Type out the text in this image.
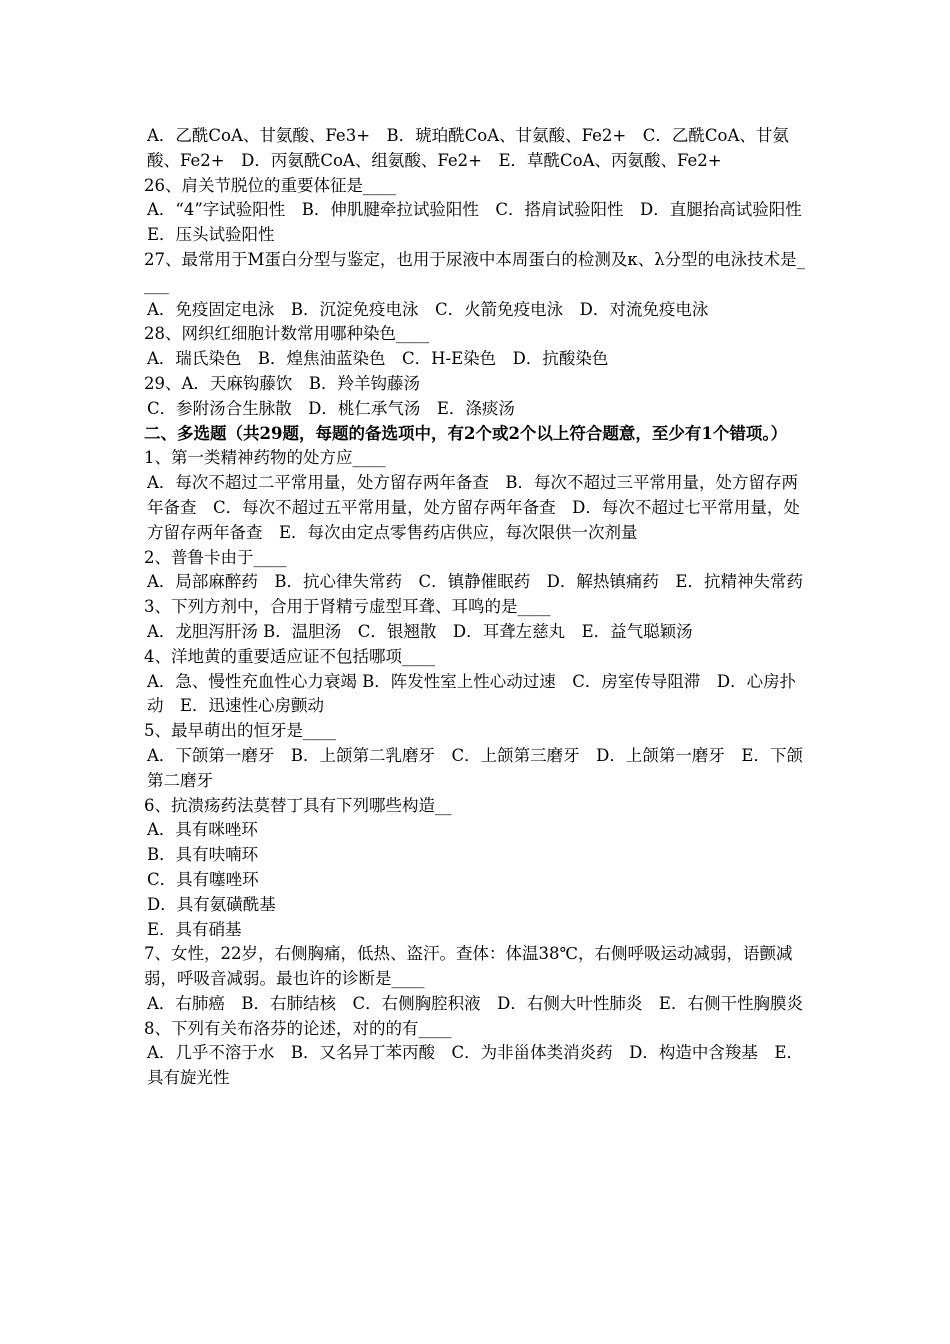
A．乙酰CoA、甘氨酸、Fe3+　B．琥珀酰CoA、甘氨酸、Fe2+　C．乙酰CoA、甘氨酸、Fe2+　D．丙氨酰CoA、组氨酸、Fe2+　E．草酰CoA、丙氨酸、Fe2+

26、肩关节脱位的重要体征是____

A．“4”字试验阳性　B．伸肌腱牵拉试验阳性　C．搭肩试验阳性　D．直腿抬高试验阳性　E．压头试验阳性

27、最常用于M蛋白分型与鉴定，也用于尿液中本周蛋白的检测及κ、λ分型的电泳技术是____

A．免疫固定电泳　B．沉淀免疫电泳　C．火箭免疫电泳　D．对流免疫电泳

28、网织红细胞计数常用哪种染色____

A．瑞氏染色　B．煌焦油蓝染色　C．H-E染色　D．抗酸染色

29、A．天麻钩藤饮　B．羚羊钩藤汤

C．参附汤合生脉散　D．桃仁承气汤　E．涤痰汤

二、多选题（共29题，每题的备选项中，有2个或2个以上符合题意，至少有1个错项。）

1、第一类精神药物的处方应____

A．每次不超过二平常用量，处方留存两年备查　B．每次不超过三平常用量，处方留存两年备查　C．每次不超过五平常用量，处方留存两年备查　D．每次不超过七平常用量，处方留存两年备查　E．每次由定点零售药店供应，每次限供一次剂量

2、普鲁卡由于____

A．局部麻醉药　B．抗心律失常药　C．镇静催眠药　D．解热镇痛药　E．抗精神失常药

3、下列方剂中，合用于肾精亏虚型耳聋、耳鸣的是____

A．龙胆泻肝汤 B．温胆汤　C．银翘散　D．耳聋左慈丸　E．益气聪颖汤

4、洋地黄的重要适应证不包括哪项____

A．急、慢性充血性心力衰竭 B．阵发性室上性心动过速　C．房室传导阻滞　D．心房扑动　E．迅速性心房颤动

5、最早萌出的恒牙是____

A．下颌第一磨牙　B．上颌第二乳磨牙　C．上颌第三磨牙　D．上颌第一磨牙　E．下颌第二磨牙

6、抗溃疡药法莫替丁具有下列哪些构造__

A．具有咪唑环

B．具有呋喃环

C．具有噻唑环

D．具有氨磺酰基

E．具有硝基

7、女性，22岁，右侧胸痛，低热、盗汗。查体：体温38℃，右侧呼吸运动减弱，语颤减弱，呼吸音减弱。最也许的诊断是____

A．右肺癌　B．右肺结核　C．右侧胸腔积液　D．右侧大叶性肺炎　E．右侧干性胸膜炎

8、下列有关布洛芬的论述，对的的有____

A．几乎不溶于水　B．又名异丁苯丙酸　C．为非甾体类消炎药　D．构造中含羧基　E．具有旋光性
